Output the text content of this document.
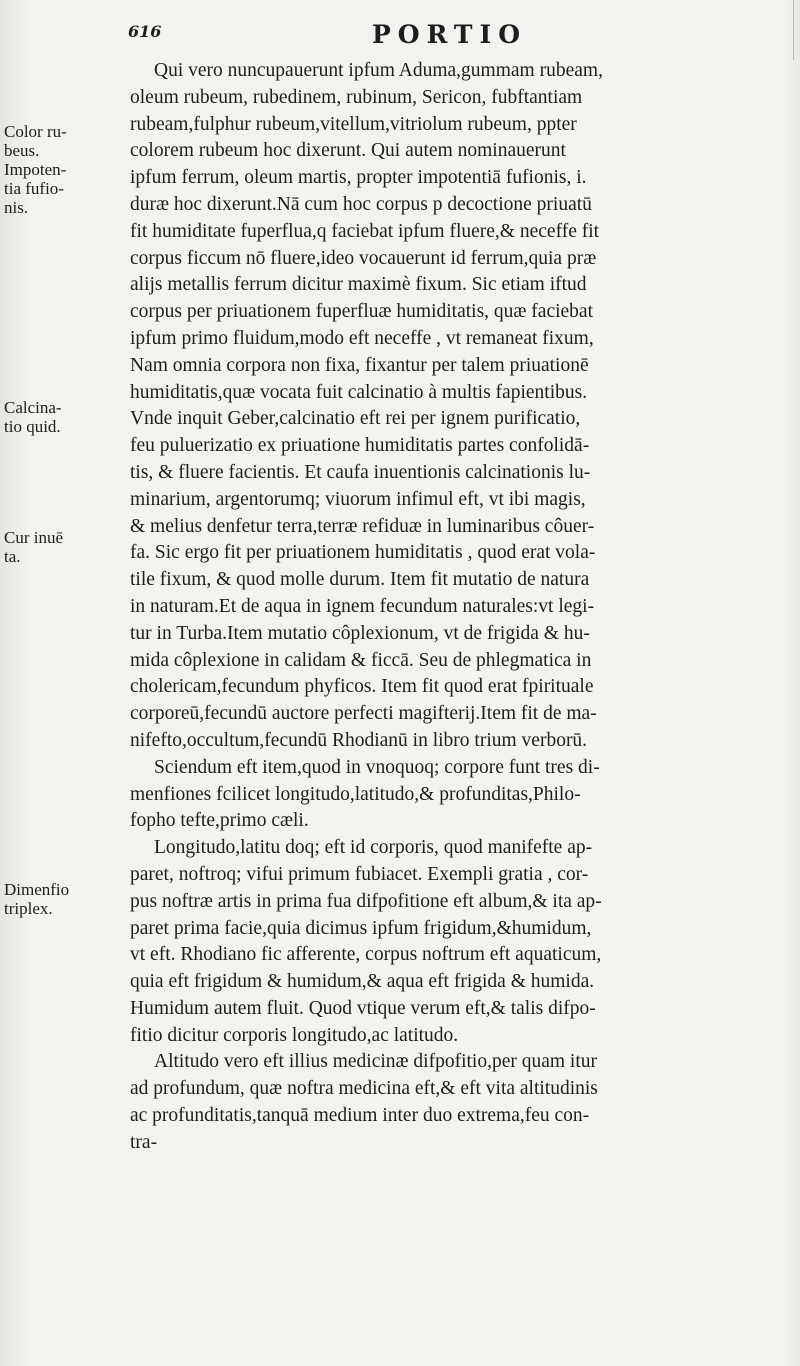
616	PORTIO
Color ru-
beus.
Impoten-
tia fufio-
nis.
Calcina-
tio quid.
Cur inuē
ta.
Dimenfio
triplex.
Qui vero nuncupauerunt ipfum Aduma,gummam rubeam,
oleum rubeum, rubedinem, rubinum, Sericon, fubftantiam
rubeam,fulphur rubeum,vitellum,vitriolum rubeum, ppter
colorem rubeum hoc dixerunt. Qui autem nominauerunt
ipfum ferrum, oleum martis, propter impotentiā fufionis, i.
duræ hoc dixerunt.Nā cum hoc corpus p decoctione priuatū
fit humiditate fuperflua,q faciebat ipfum fluere,& neceffe fit
corpus ficcum nō fluere,ideo vocauerunt id ferrum,quia præ
alijs metallis ferrum dicitur maximè fixum. Sic etiam iftud
corpus per priuationem fuperfluæ humiditatis, quæ faciebat
ipfum primo fluidum,modo eft neceffe , vt remaneat fixum,
Nam omnia corpora non fixa, fixantur per talem priuationē
humiditatis,quæ vocata fuit calcinatio à multis fapientibus.
Vnde inquit Geber,calcinatio eft rei per ignem purificatio,
feu puluerizatio ex priuatione humiditatis partes confolidā-
tis, & fluere facientis. Et caufa inuentionis calcinationis lu-
minarium, argentorumq; viuorum infimul eft, vt ibi magis,
& melius denfetur terra,terræ refiduæ in luminaribus côuer-
fa. Sic ergo fit per priuationem humiditatis , quod erat vola-
tile fixum, & quod molle durum. Item fit mutatio de natura
in naturam.Et de aqua in ignem fecundum naturales:vt legi-
tur in Turba.Item mutatio côplexionum, vt de frigida & hu-
mida côplexione in calidam & ficcā. Seu de phlegmatica in
cholericam,fecundum phyficos. Item fit quod erat fpirituale
corporeū,fecundū auctore perfecti magifterij.Item fit de ma-
nifefto,occultum,fecundū Rhodianū in libro trium verborū.
Sciendum eft item,quod in vnoquoq; corpore funt tres di-
menfiones fcilicet longitudo,latitudo,& profunditas,Philo-
fopho tefte,primo cæli.
Longitudo,latitu doq; eft id corporis, quod manifefte ap-
paret, noftroq; vifui primum fubiacet. Exempli gratia , cor-
pus noftræ artis in prima fua difpofitione eft album,& ita ap-
paret prima facie,quia dicimus ipfum frigidum,&humidum,
vt eft. Rhodiano fic afferente, corpus noftrum eft aquaticum,
quia eft frigidum & humidum,& aqua eft frigida & humida.
Humidum autem fluit. Quod vtique verum eft,& talis difpo-
fitio dicitur corporis longitudo,ac latitudo.
Altitudo vero eft illius medicinæ difpofitio,per quam itur
ad profundum, quæ noftra medicina eft,& eft vita altitudinis
ac profunditatis,tanquā medium inter duo extrema,feu con-
tra-
